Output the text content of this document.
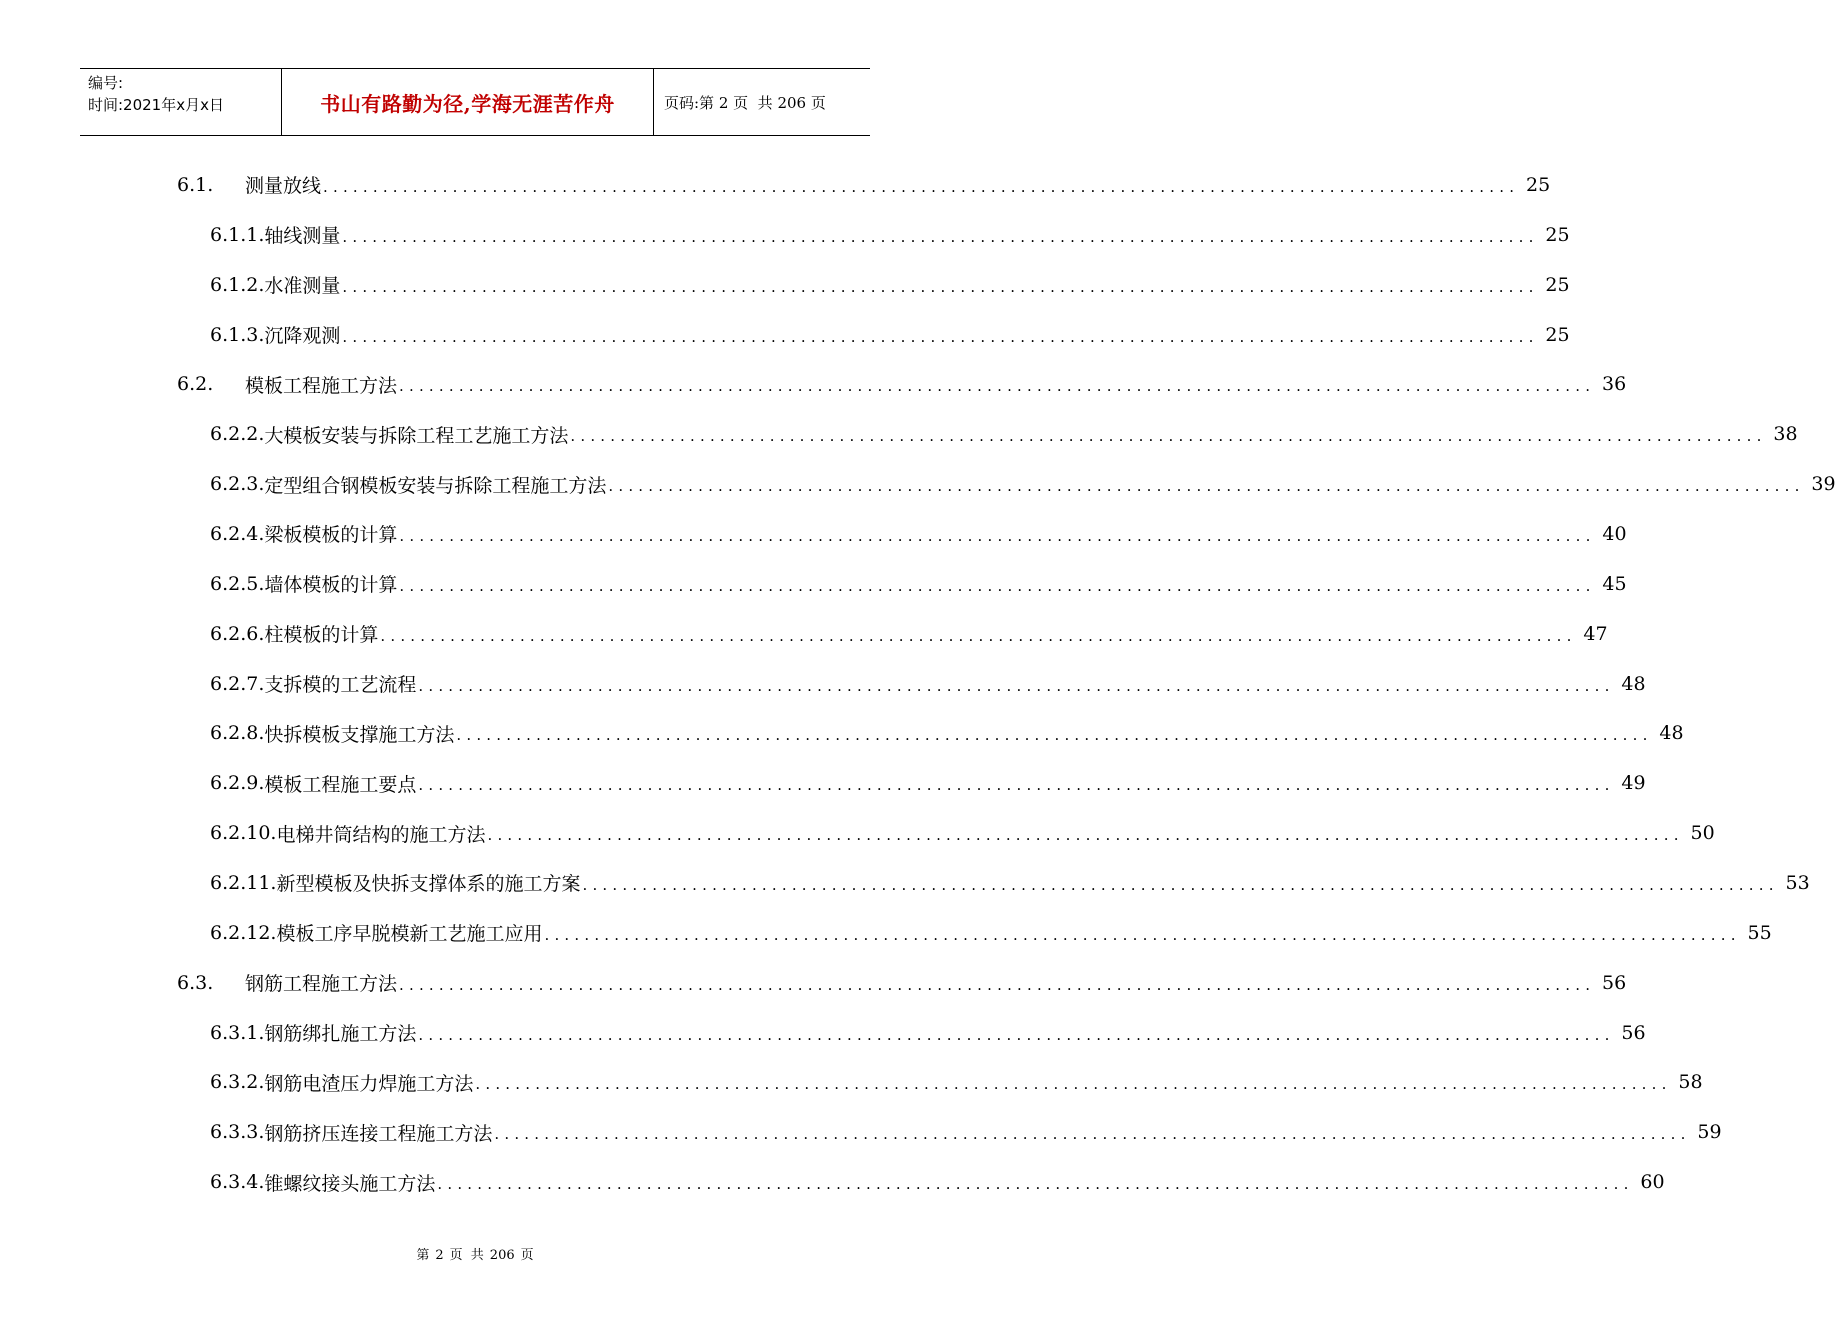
编号:
时间:2021年x月x日	书山有路勤为径,学海无涯苦作舟	页码:第 2 页  共 206 页
6.1.	测量放线 ........................................................................................................................ 25
6.1.1. 轴线测量 ........................................................................................................................ 25
6.1.2. 水准测量 ........................................................................................................................ 25
6.1.3. 沉降观测 ........................................................................................................................ 25
6.2.	模板工程施工方法 ........................................................................................................................ 36
6.2.2. 大模板安装与拆除工程工艺施工方法 ........................................................................................................................ 38
6.2.3. 定型组合钢模板安装与拆除工程施工方法 ........................................................................................................................ 39
6.2.4. 梁板模板的计算 ........................................................................................................................ 40
6.2.5. 墙体模板的计算 ........................................................................................................................ 45
6.2.6. 柱模板的计算 ........................................................................................................................ 47
6.2.7. 支拆模的工艺流程 ........................................................................................................................ 48
6.2.8. 快拆模板支撑施工方法 ........................................................................................................................ 48
6.2.9. 模板工程施工要点 ........................................................................................................................ 49
6.2.10. 电梯井筒结构的施工方法 ........................................................................................................................ 50
6.2.11. 新型模板及快拆支撑体系的施工方案 ........................................................................................................................ 53
6.2.12. 模板工序早脱模新工艺施工应用 ........................................................................................................................ 55
6.3.	钢筋工程施工方法 ........................................................................................................................ 56
6.3.1. 钢筋绑扎施工方法 ........................................................................................................................ 56
6.3.2. 钢筋电渣压力焊施工方法 ........................................................................................................................ 58
6.3.3. 钢筋挤压连接工程施工方法 ........................................................................................................................ 59
6.3.4. 锥螺纹接头施工方法 ........................................................................................................................ 60
第 2 页 共 206 页
